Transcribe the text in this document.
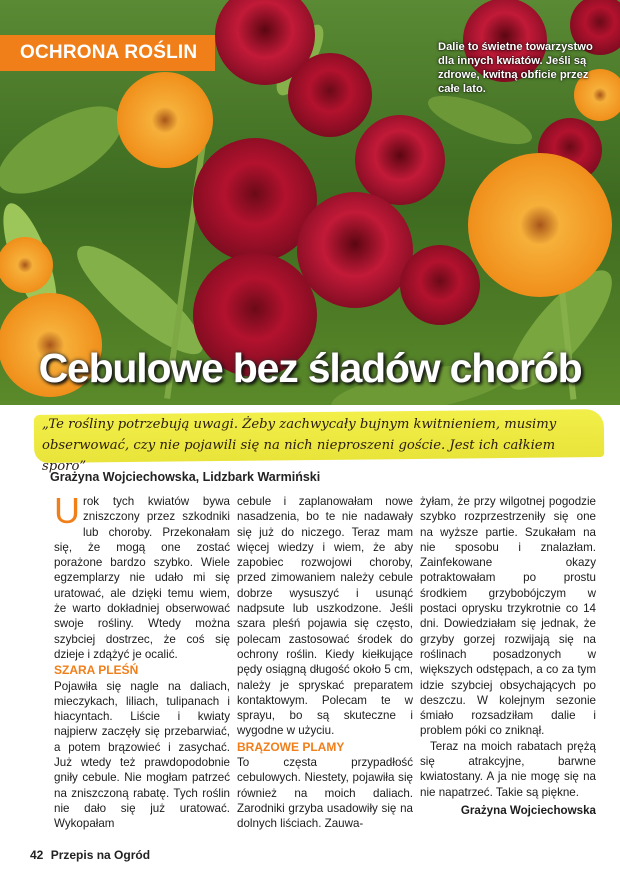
OCHRONA ROŚLIN	Dalie to świetne towarzystwo dla innych kwiatów. Jeśli są zdrowe, kwitną obficie przez całe lato.
Cebulowe bez śladów chorób
„Te rośliny potrzebują uwagi. Żeby zachwycały bujnym kwitnieniem, musimy obserwować, czy nie pojawili się na nich nieproszeni goście. Jest ich całkiem sporo”
Grażyna Wojciechowska, Lidzbark Warmiński

Urok tych kwiatów bywa zniszczony przez szkodniki lub choroby. Przekonałam się, że mogą one zostać porażone bardzo szybko. Wiele egzemplarzy nie udało mi się uratować, ale dzięki temu wiem, że warto dokładniej obserwować swoje rośliny. Wtedy można szybciej dostrzec, że coś się dzieje i zdążyć je ocalić.

SZARA PLEŚŃ

Pojawiła się nagle na daliach, mieczykach, liliach, tulipanach i hiacyntach. Liście i kwiaty najpierw zaczęły się przebarwiać, a potem brązowieć i zasychać. Już wtedy też prawdopodobnie gniły cebule. Nie mogłam patrzeć na zniszczoną rabatę. Tych roślin nie dało się już uratować. Wykopałam

cebule i zaplanowałam nowe nasadzenia, bo te nie nadawały się już do niczego. Teraz mam więcej wiedzy i wiem, że aby zapobiec rozwojowi choroby, przed zimowaniem należy cebule dobrze wysuszyć i usunąć nadpsute lub uszkodzone. Jeśli szara pleśń pojawia się często, polecam zastosować środek do ochrony roślin. Kiedy kiełkujące pędy osiągną długość około 5 cm, należy je spryskać preparatem kontaktowym. Polecam te w sprayu, bo są skuteczne i wygodne w użyciu.

BRĄZOWE PLAMY

To częsta przypadłość cebulowych. Niestety, pojawiła się również na moich daliach. Zarodniki grzyba usadowiły się na dolnych liściach. Zauwa-

żyłam, że przy wilgotnej pogodzie szybko rozprzestrzeniły się one na wyższe partie. Szukałam na nie sposobu i znalazłam. Zainfekowane okazy potraktowałam po prostu środkiem grzybobójczym w postaci oprysku trzykrotnie co 14 dni. Dowiedziałam się jednak, że grzyby gorzej rozwijają się na roślinach posadzonych w większych odstępach, a co za tym idzie szybciej obsychających po deszczu. W kolejnym sezonie śmiało rozsadziłam dalie i problem póki co zniknął.

Teraz na moich rabatach prężą się atrakcyjne, barwne kwiatostany. A ja nie mogę się na nie napatrzeć. Takie są piękne.

Grażyna Wojciechowska
42 Przepis na Ogród
